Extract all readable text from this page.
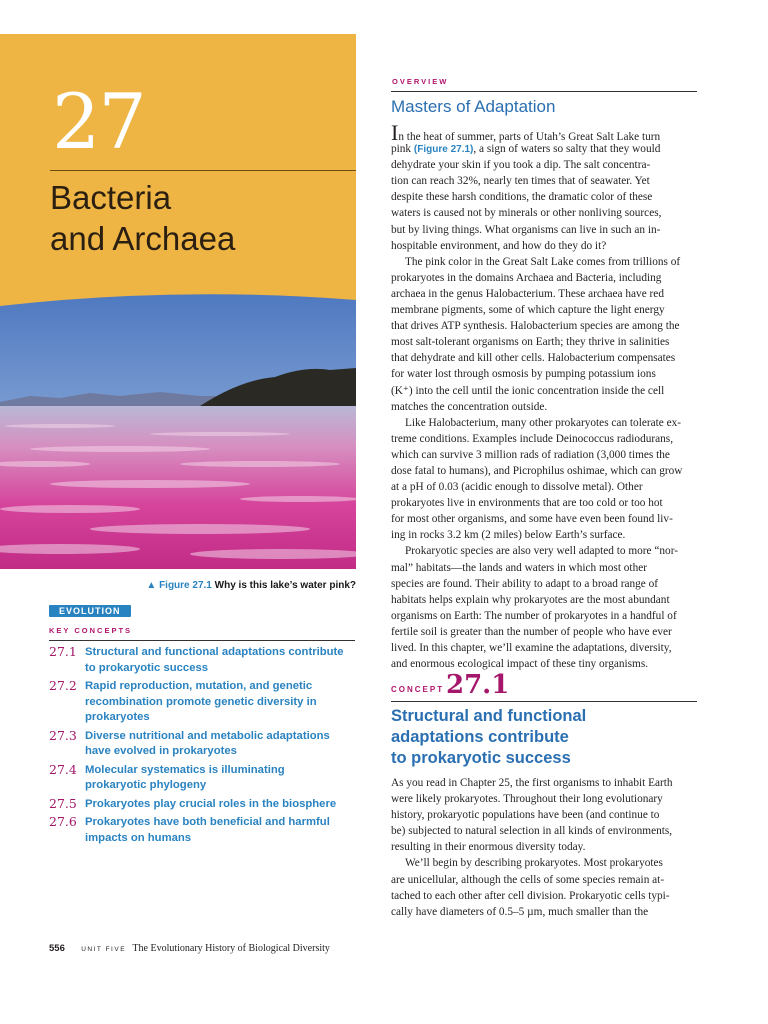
27
Bacteria
and Archaea
▲ Figure 27.1 Why is this lake’s water pink?
EVOLUTION
KEY CONCEPTS
27.1 Structural and functional adaptations contribute
to prokaryotic success
27.2 Rapid reproduction, mutation, and genetic
recombination promote genetic diversity in
prokaryotes
27.3 Diverse nutritional and metabolic adaptations
have evolved in prokaryotes
27.4 Molecular systematics is illuminating
prokaryotic phylogeny
27.5 Prokaryotes play crucial roles in the biosphere
27.6 Prokaryotes have both beneficial and harmful
impacts on humans
OVERVIEW
Masters of Adaptation
In the heat of summer, parts of Utah’s Great Salt Lake turn
pink (Figure 27.1), a sign of waters so salty that they would
dehydrate your skin if you took a dip. The salt concentra-
tion can reach 32%, nearly ten times that of seawater. Yet
despite these harsh conditions, the dramatic color of these
waters is caused not by minerals or other nonliving sources,
but by living things. What organisms can live in such an in-
hospitable environment, and how do they do it?
The pink color in the Great Salt Lake comes from trillions of
prokaryotes in the domains Archaea and Bacteria, including
archaea in the genus Halobacterium. These archaea have red
membrane pigments, some of which capture the light energy
that drives ATP synthesis. Halobacterium species are among the
most salt-tolerant organisms on Earth; they thrive in salinities
that dehydrate and kill other cells. Halobacterium compensates
for water lost through osmosis by pumping potassium ions
(K⁺) into the cell until the ionic concentration inside the cell
matches the concentration outside.
Like Halobacterium, many other prokaryotes can tolerate ex-
treme conditions. Examples include Deinococcus radiodurans,
which can survive 3 million rads of radiation (3,000 times the
dose fatal to humans), and Picrophilus oshimae, which can grow
at a pH of 0.03 (acidic enough to dissolve metal). Other
prokaryotes live in environments that are too cold or too hot
for most other organisms, and some have even been found liv-
ing in rocks 3.2 km (2 miles) below Earth’s surface.
Prokaryotic species are also very well adapted to more “nor-
mal” habitats—the lands and waters in which most other
species are found. Their ability to adapt to a broad range of
habitats helps explain why prokaryotes are the most abundant
organisms on Earth: The number of prokaryotes in a handful of
fertile soil is greater than the number of people who have ever
lived. In this chapter, we’ll examine the adaptations, diversity,
and enormous ecological impact of these tiny organisms.
CONCEPT 27.1
Structural and functional
adaptations contribute
to prokaryotic success
As you read in Chapter 25, the first organisms to inhabit Earth
were likely prokaryotes. Throughout their long evolutionary
history, prokaryotic populations have been (and continue to
be) subjected to natural selection in all kinds of environments,
resulting in their enormous diversity today.
We’ll begin by describing prokaryotes. Most prokaryotes
are unicellular, although the cells of some species remain at-
tached to each other after cell division. Prokaryotic cells typi-
cally have diameters of 0.5–5 µm, much smaller than the
556	UNIT FIVE The Evolutionary History of Biological Diversity
